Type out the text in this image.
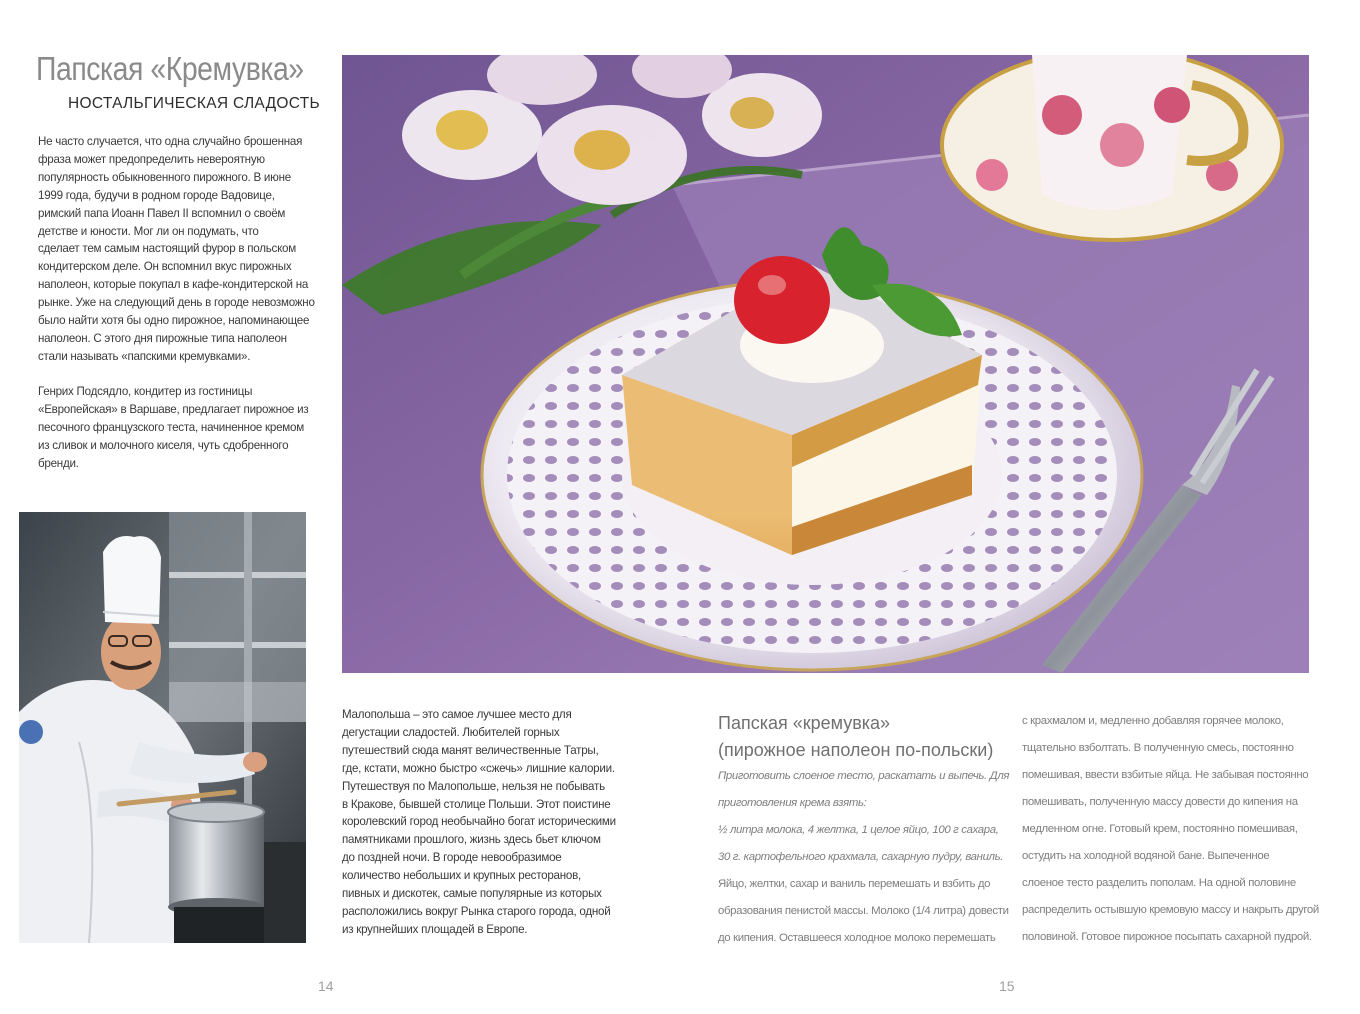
Папская «Кремувка»
НОСТАЛЬГИЧЕСКАЯ СЛАДОСТЬ
Не часто случается, что одна случайно брошенная
фраза может предопределить невероятную
популярность обыкновенного пирожного. В июне
1999 года, будучи в родном городе Вадовице,
римский папа Иоанн Павел II вспомнил о своём
детстве и юности. Мог ли он подумать, что
сделает тем самым настоящий фурор в польском
кондитерском деле. Он вспомнил вкус пирожных
наполеон, которые покупал в кафе-кондитерской на
рынке. Уже на следующий день в городе невозможно
было найти хотя бы одно пирожное, напоминающее
наполеон. С этого дня пирожные типа наполеон
стали называть «папскими кремувками».
Генрих Подсядло, кондитер из гостиницы
«Европейская» в Варшаве, предлагает пирожное из
песочного французского теста, начиненное кремом
из сливок и молочного киселя, чуть сдобренного
бренди.
Малопольша – это самое лучшее место для
дегустации сладостей. Любителей горных
путешествий сюда манят величественные Татры,
где, кстати, можно быстро «сжечь» лишние калории.
Путешествуя по Малопольше, нельзя не побывать
в Кракове, бывшей столице Польши. Этот поистине
королевский город необычайно богат историческими
памятниками прошлого, жизнь здесь бьет ключом
до поздней ночи. В городе невообразимое
количество небольших и крупных ресторанов,
пивных и дискотек, самые популярные из которых
расположились вокруг Рынка старого города, одной
из крупнейших площадей в Европе.
Папская «кремувка»
(пирожное наполеон по-польски)
Приготовить слоеное тесто, раскатать и выпечь. Для
приготовления крема взять:
½ литра молока, 4 желтка, 1 целое яйцо, 100 г сахара,
30 г. картофельного крахмала, сахарную пудру, ваниль.
Яйцо, желтки, сахар и ваниль перемешать и взбить до
образования пенистой массы. Молоко (1/4 литра) довести
до кипения. Оставшееся холодное молоко перемешать
с крахмалом и, медленно добавляя горячее молоко,
тщательно взболтать. В полученную смесь, постоянно
помешивая, ввести взбитые яйца. Не забывая постоянно
помешивать, полученную массу довести до кипения на
медленном огне. Готовый крем, постоянно помешивая,
остудить на холодной водяной бане. Выпеченное
слоеное тесто разделить пополам. На одной половине
распределить остывшую кремовую массу и накрыть другой
половиной. Готовое пирожное посыпать сахарной пудрой.
14	15
